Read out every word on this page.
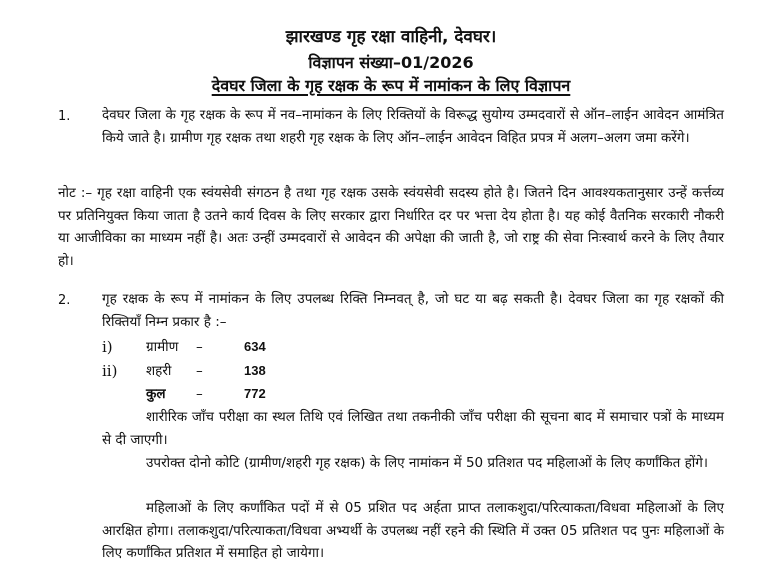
झारखण्ड गृह रक्षा वाहिनी, देवघर।
विज्ञापन संख्या–01/2026
देवघर जिला के गृह रक्षक के रूप में नामांकन के लिए विज्ञापन
1. देवघर जिला के गृह रक्षक के रूप में नव–नामांकन के लिए रिक्तियों के विरूद्ध सुयोग्य उम्मदवारों से ऑन–लाईन आवेदन आमंत्रित किये जाते है। ग्रामीण गृह रक्षक तथा शहरी गृह रक्षक के लिए ऑन–लाईन आवेदन विहित प्रपत्र में अलग–अलग जमा करेंगे।
नोट :– गृह रक्षा वाहिनी एक स्वंयसेवी संगठन है तथा गृह रक्षक उसके स्वंयसेवी सदस्य होते है। जितने दिन आवश्यकतानुसार उन्हें कर्त्तव्य पर प्रतिनियुक्त किया जाता है उतने कार्य दिवस के लिए सरकार द्वारा निर्धारित दर पर भत्ता देय होता है। यह कोई वैतनिक सरकारी नौकरी या आजीविका का माध्यम नहीं है। अतः उन्हीं उम्मदवारों से आवेदन की अपेक्षा की जाती है, जो राष्ट्र की सेवा निःस्वार्थ करने के लिए तैयार हो।
2. गृह रक्षक के रूप में नामांकन के लिए उपलब्ध रिक्ति निम्नवत् है, जो घट या बढ़ सकती है। देवघर जिला का गृह रक्षकों की रिक्तियाँ निम्न प्रकार है :–
i) ग्रामीण –	634
ii) शहरी –	138
कुल –	772
शारीरिक जाँच परीक्षा का स्थल तिथि एवं लिखित तथा तकनीकी जाँच परीक्षा की सूचना बाद में समाचार पत्रों के माध्यम से दी जाएगी।
उपरोक्त दोनो कोटि (ग्रामीण/शहरी गृह रक्षक) के लिए नामांकन में 50 प्रतिशत पद महिलाओं के लिए कर्णांकित होंगे।
महिलाओं के लिए कर्णांकित पदों में से 05 प्रशित पद अर्हता प्राप्त तलाकशुदा/परित्याकता/विधवा महिलाओं के लिए आरक्षित होगा। तलाकशुदा/परित्याकता/विधवा अभ्यर्थी के उपलब्ध नहीं रहने की स्थिति में उक्त 05 प्रतिशत पद पुनः महिलाओं के लिए कर्णांकित प्रतिशत में समाहित हो जायेगा।
